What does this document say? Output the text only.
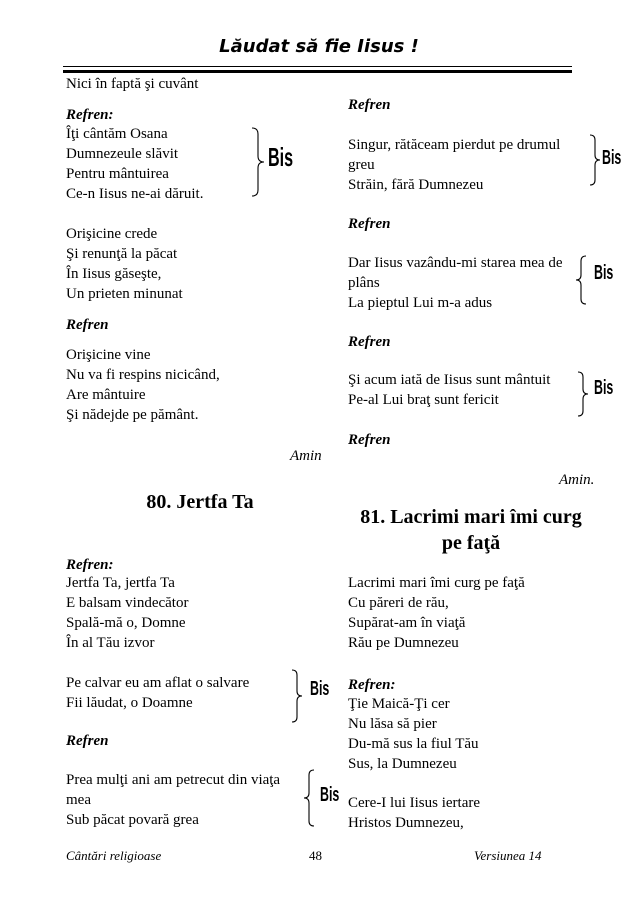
Lăudat să fie Iisus !
Nici în faptă şi cuvânt
Refren:
Îţi cântăm Osana
Dumnezeule slăvit
Pentru mântuirea
Ce-n Iisus ne-ai dăruit.
Bis
Orişicine crede
Şi renunţă la păcat
În Iisus găseşte,
Un prieten minunat
Refren
Orişicine vine
Nu va fi respins nicicând,
Are mântuire
Şi nădejde pe pământ.
Amin
Refren
Singur, rătăceam pierdut pe drumul
greu
Străin, fără Dumnezeu
Bis
Refren
Dar Iisus vazându-mi starea mea de
plâns
La pieptul Lui m-a adus
Bis
Refren
Şi acum iată de Iisus sunt mântuit
Pe-al Lui braţ sunt fericit
Bis
Refren
Amin.
80. Jertfa Ta
Refren:
Jertfa Ta, jertfa Ta
E balsam vindecător
Spală-mă o, Domne
În al Tău izvor
Pe calvar eu am aflat o salvare
Fii lăudat, o Doamne
Bis
Refren
Prea mulţi ani am petrecut din viaţa
mea
Sub păcat povară grea
Bis
81. Lacrimi mari îmi curg
pe faţă
Lacrimi mari îmi curg pe faţă
Cu păreri de rău,
Supărat-am în viaţă
Rău pe Dumnezeu
Refren:
Ţie Maică-Ţi cer
Nu lăsa să pier
Du-mă sus la fiul Tău
Sus, la Dumnezeu
Cere-I lui Iisus iertare
Hristos Dumnezeu,
Cântări religioase	48	Versiunea 14
